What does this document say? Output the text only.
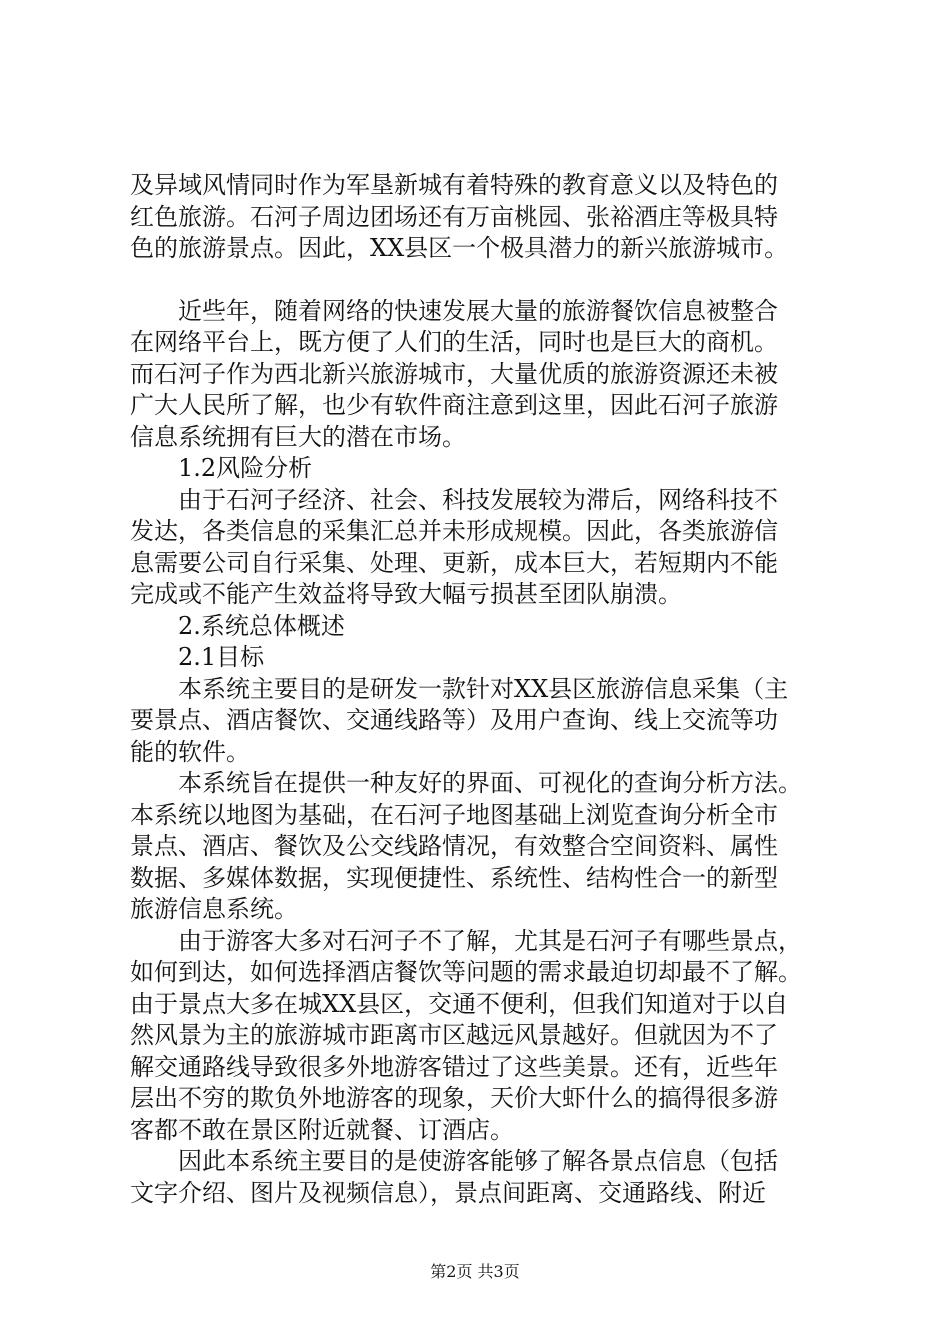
及异域风情同时作为军垦新城有着特殊的教育意义以及特色的
红色旅游。石河子周边团场还有万亩桃园、张裕酒庄等极具特
色的旅游景点。因此，XX县区一个极具潜力的新兴旅游城市。
近些年，随着网络的快速发展大量的旅游餐饮信息被整合
在网络平台上，既方便了人们的生活，同时也是巨大的商机。
而石河子作为西北新兴旅游城市，大量优质的旅游资源还未被
广大人民所了解，也少有软件商注意到这里，因此石河子旅游
信息系统拥有巨大的潜在市场。
1.2风险分析
由于石河子经济、社会、科技发展较为滞后，网络科技不
发达，各类信息的采集汇总并未形成规模。因此，各类旅游信
息需要公司自行采集、处理、更新，成本巨大，若短期内不能
完成或不能产生效益将导致大幅亏损甚至团队崩溃。
2.系统总体概述
2.1目标
本系统主要目的是研发一款针对XX县区旅游信息采集（主
要景点、酒店餐饮、交通线路等）及用户查询、线上交流等功
能的软件。
本系统旨在提供一种友好的界面、可视化的查询分析方法。
本系统以地图为基础，在石河子地图基础上浏览查询分析全市
景点、酒店、餐饮及公交线路情况，有效整合空间资料、属性
数据、多媒体数据，实现便捷性、系统性、结构性合一的新型
旅游信息系统。
由于游客大多对石河子不了解，尤其是石河子有哪些景点，
如何到达，如何选择酒店餐饮等问题的需求最迫切却最不了解。
由于景点大多在城XX县区，交通不便利，但我们知道对于以自
然风景为主的旅游城市距离市区越远风景越好。但就因为不了
解交通路线导致很多外地游客错过了这些美景。还有，近些年
层出不穷的欺负外地游客的现象，天价大虾什么的搞得很多游
客都不敢在景区附近就餐、订酒店。
因此本系统主要目的是使游客能够了解各景点信息（包括
文字介绍、图片及视频信息），景点间距离、交通路线、附近
第2页 共3页
